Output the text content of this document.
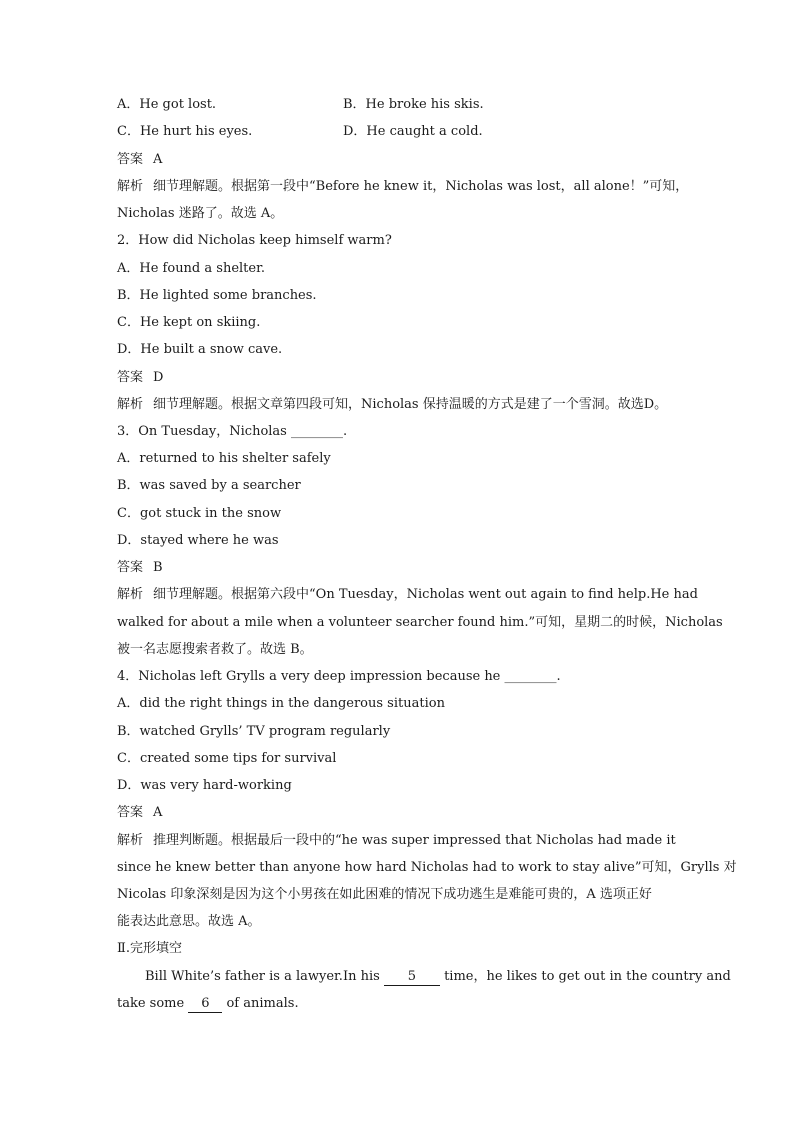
A．He got lost.	B．He broke his skis.
C．He hurt his eyes.	D．He caught a cold.
答案 A
解析 细节理解题。根据第一段中“Before he knew it，Nicholas was lost，all alone！”可知，
Nicholas 迷路了。故选 A。
2．How did Nicholas keep himself warm?
A．He found a shelter.
B．He lighted some branches.
C．He kept on skiing.
D．He built a snow cave.
答案 D
解析 细节理解题。根据文章第四段可知，Nicholas 保持温暖的方式是建了一个雪洞。故选D。
3．On Tuesday，Nicholas ________.
A．returned to his shelter safely
B．was saved by a searcher
C．got stuck in the snow
D．stayed where he was
答案 B
解析 细节理解题。根据第六段中“On Tuesday，Nicholas went out again to find help.He had
walked for about a mile when a volunteer searcher found him.”可知，星期二的时候，Nicholas
被一名志愿搜索者救了。故选 B。
4．Nicholas left Grylls a very deep impression because he ________.
A．did the right things in the dangerous situation
B．watched Grylls’ TV program regularly
C．created some tips for survival
D．was very hard-working
答案 A
解析 推理判断题。根据最后一段中的“he was super impressed that Nicholas had made it
since he knew better than anyone how hard Nicholas had to work to stay alive”可知，Grylls 对
Nicolas 印象深刻是因为这个小男孩在如此困难的情况下成功逃生是难能可贵的，A 选项正好
能表达此意思。故选 A。
Ⅱ.完形填空
Bill White’s father is a lawyer.In his 5 time，he likes to get out in the country and
take some 6 of animals.
